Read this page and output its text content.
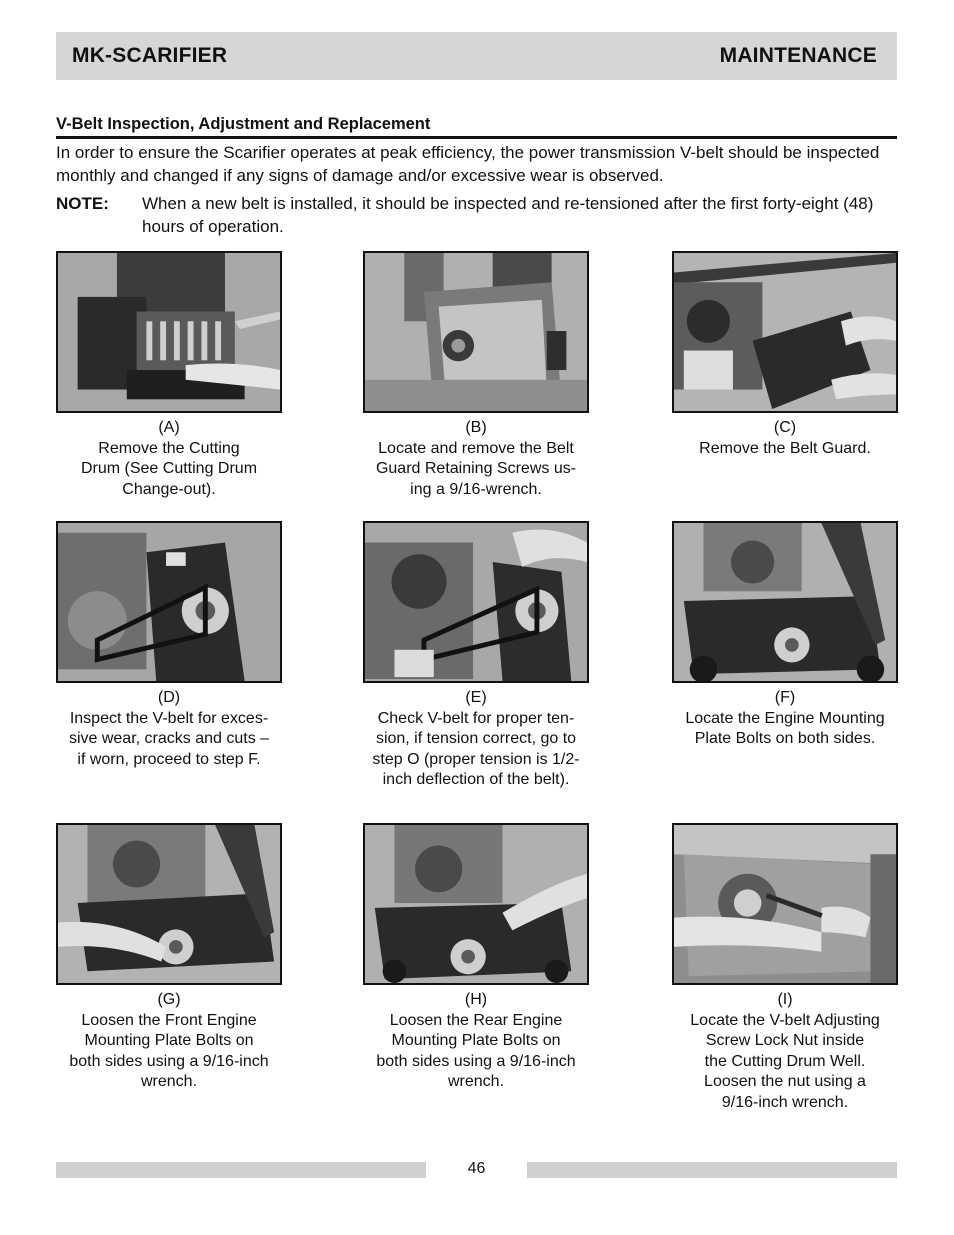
MK-SCARIFIER	MAINTENANCE
V-Belt Inspection, Adjustment and Replacement
In order to ensure the Scarifier operates at peak efficiency, the power transmission V-belt should be inspected monthly and changed if any signs of damage and/or excessive wear is observed.
NOTE:	When a new belt is installed, it should be inspected and re-tensioned after the first forty-eight (48) hours of operation.
(A)
Remove the Cutting
Drum (See Cutting Drum
Change-out).
(B)
Locate and remove the Belt
Guard Retaining Screws us-
ing a 9/16-wrench.
(C)
Remove the Belt Guard.
(D)
Inspect the V-belt for exces-
sive wear, cracks and cuts –
if worn, proceed to step F.
(E)
Check V-belt for proper ten-
sion, if tension correct, go to
step O (proper tension is 1/2-
inch deflection of the belt).
(F)
Locate the Engine Mounting
Plate Bolts on both sides.
(G)
Loosen the Front Engine
Mounting Plate Bolts on
both sides using a 9/16-inch
wrench.
(H)
Loosen the Rear Engine
Mounting Plate Bolts on
both sides using a 9/16-inch
wrench.
(I)
Locate the V-belt Adjusting
Screw Lock Nut inside
the Cutting Drum Well.
Loosen the nut using a
9/16-inch wrench.
46
